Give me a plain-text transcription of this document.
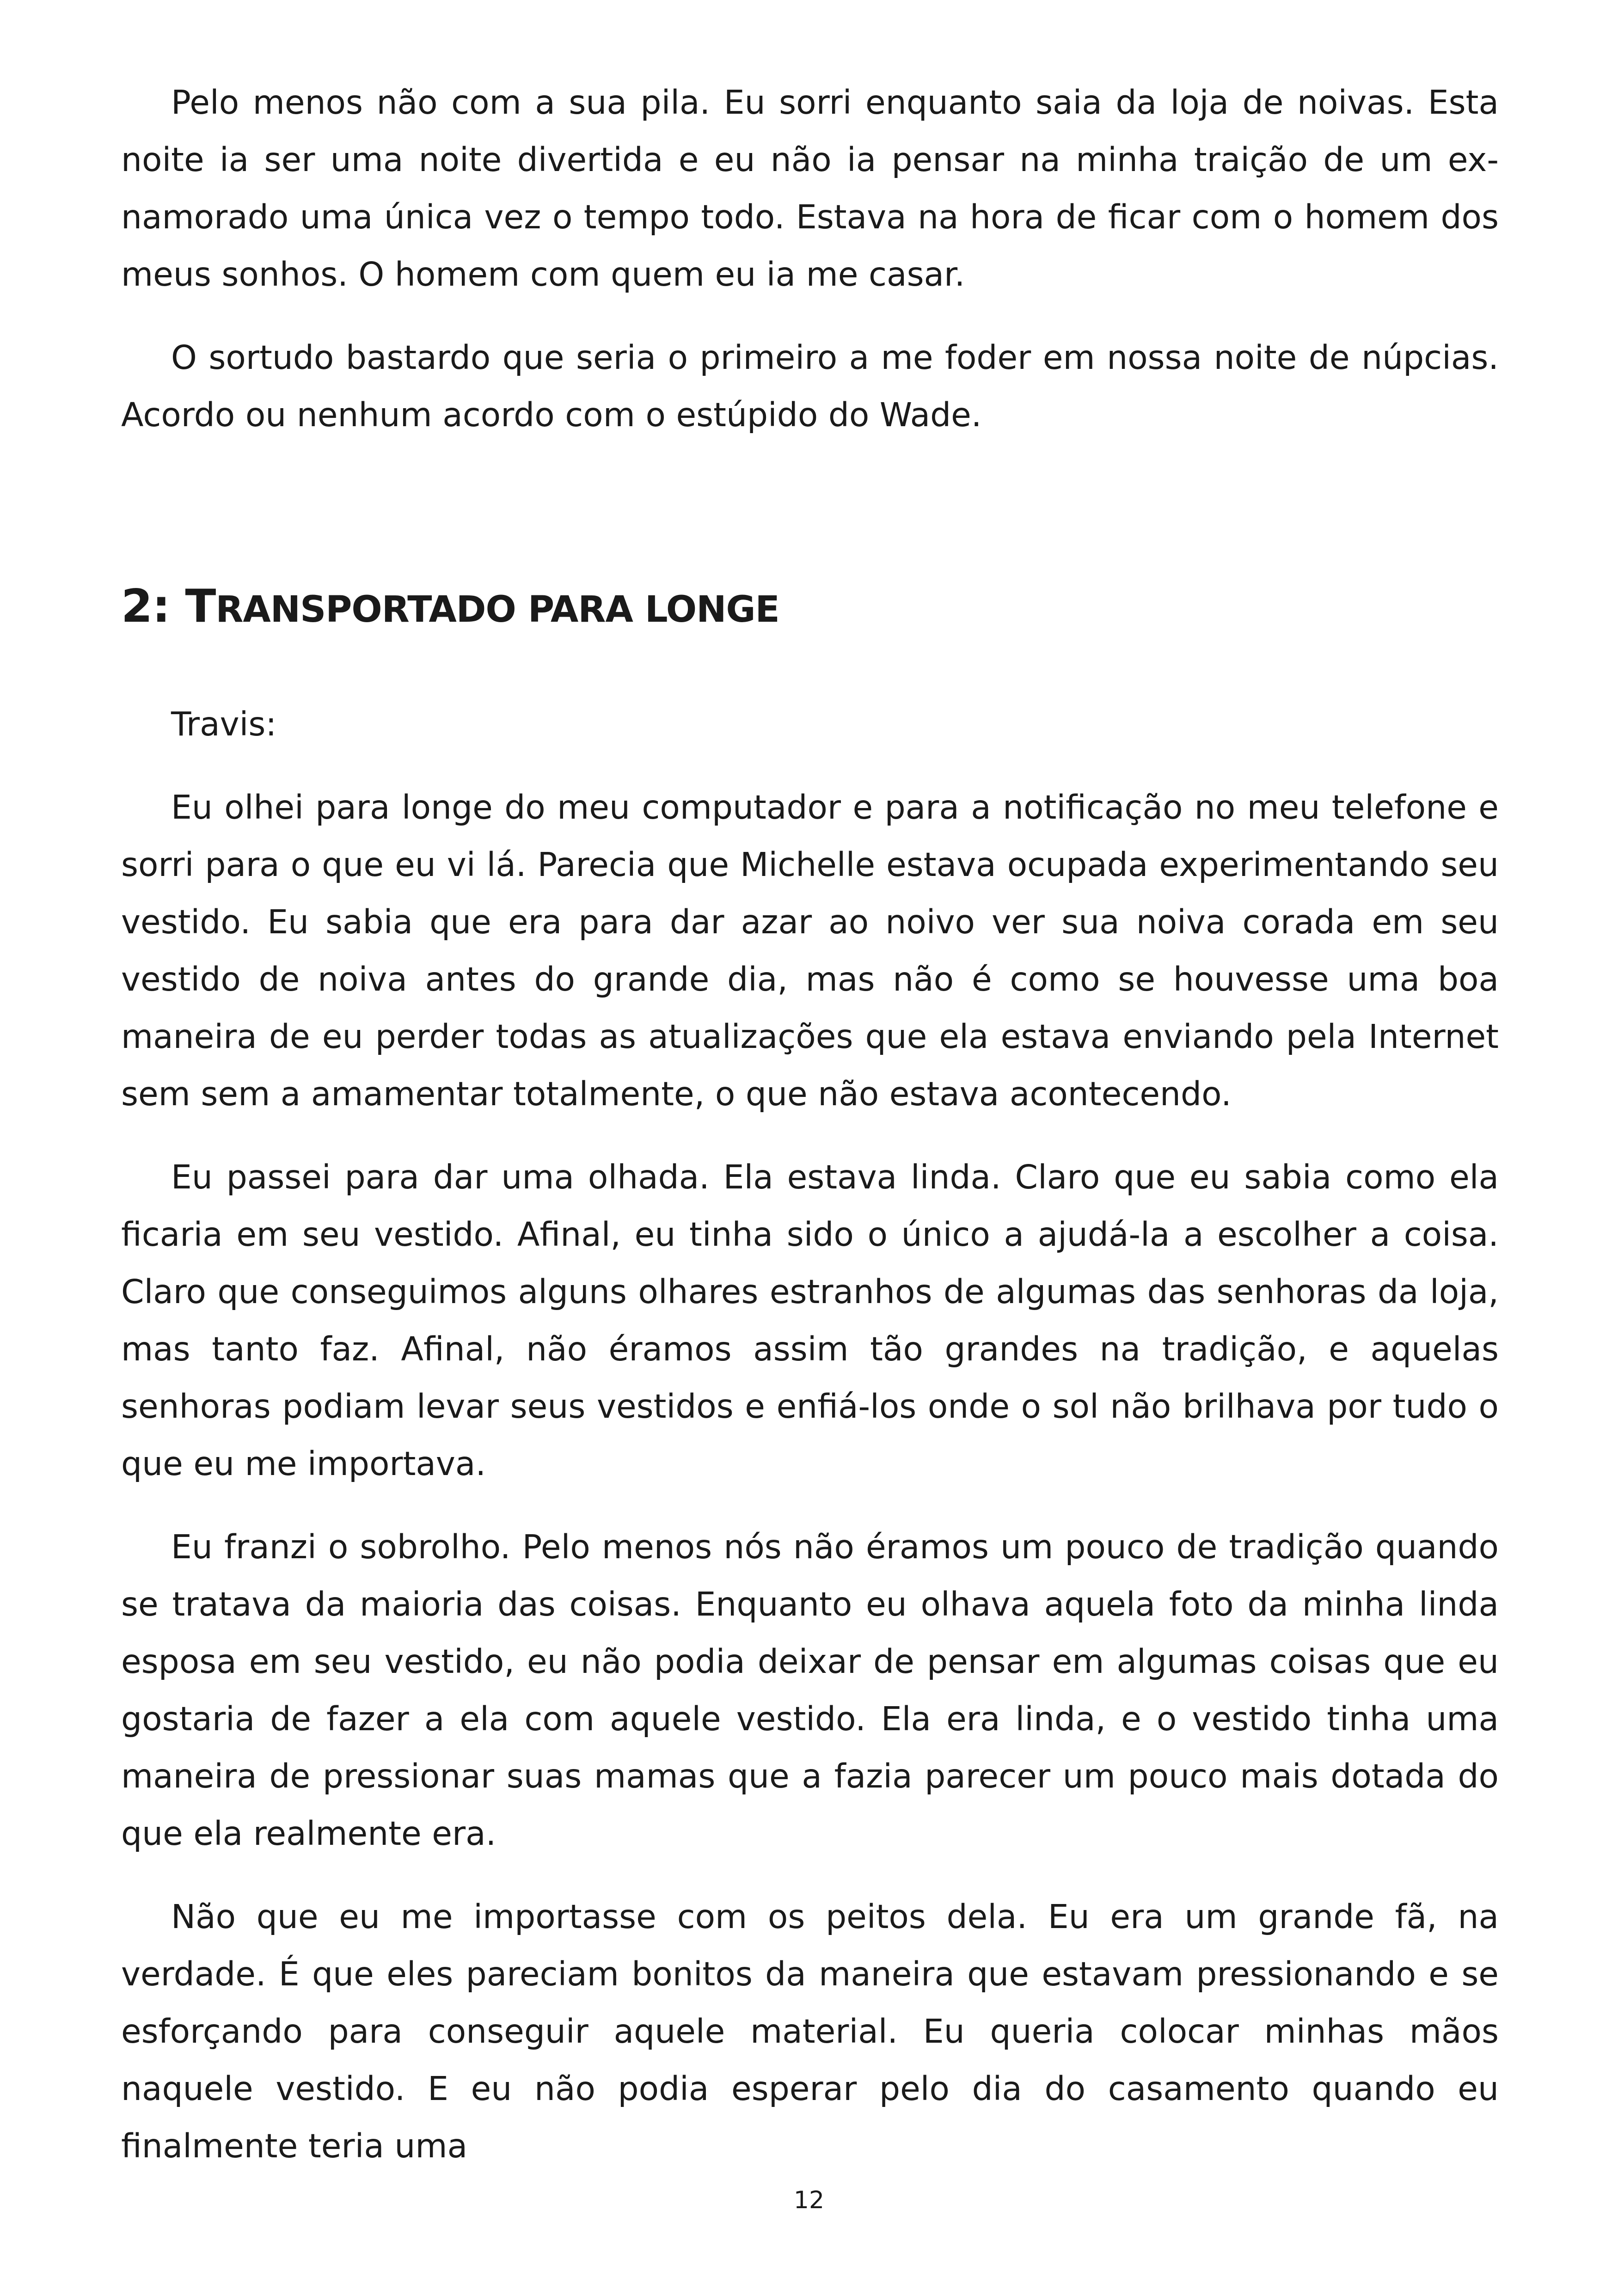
Pelo menos não com a sua pila. Eu sorri enquanto saia da loja de noivas. Esta noite ia ser uma noite divertida e eu não ia pensar na minha traição de um ex-namorado uma única vez o tempo todo. Estava na hora de ficar com o homem dos meus sonhos. O homem com quem eu ia me casar.

O sortudo bastardo que seria o primeiro a me foder em nossa noite de núpcias. Acordo ou nenhum acordo com o estúpido do Wade.

2: TRANSPORTADO PARA LONGE

Travis:

Eu olhei para longe do meu computador e para a notificação no meu telefone e sorri para o que eu vi lá. Parecia que Michelle estava ocupada experimentando seu vestido. Eu sabia que era para dar azar ao noivo ver sua noiva corada em seu vestido de noiva antes do grande dia, mas não é como se houvesse uma boa maneira de eu perder todas as atualizações que ela estava enviando pela Internet sem sem a amamentar totalmente, o que não estava acontecendo.

Eu passei para dar uma olhada. Ela estava linda. Claro que eu sabia como ela ficaria em seu vestido. Afinal, eu tinha sido o único a ajudá-la a escolher a coisa. Claro que conseguimos alguns olhares estranhos de algumas das senhoras da loja, mas tanto faz. Afinal, não éramos assim tão grandes na tradição, e aquelas senhoras podiam levar seus vestidos e enfiá-los onde o sol não brilhava por tudo o que eu me importava.

Eu franzi o sobrolho. Pelo menos nós não éramos um pouco de tradição quando se tratava da maioria das coisas. Enquanto eu olhava aquela foto da minha linda esposa em seu vestido, eu não podia deixar de pensar em algumas coisas que eu gostaria de fazer a ela com aquele vestido. Ela era linda, e o vestido tinha uma maneira de pressionar suas mamas que a fazia parecer um pouco mais dotada do que ela realmente era.

Não que eu me importasse com os peitos dela. Eu era um grande fã, na verdade. É que eles pareciam bonitos da maneira que estavam pressionando e se esforçando para conseguir aquele material. Eu queria colocar minhas mãos naquele vestido. E eu não podia esperar pelo dia do casamento quando eu finalmente teria uma

12
